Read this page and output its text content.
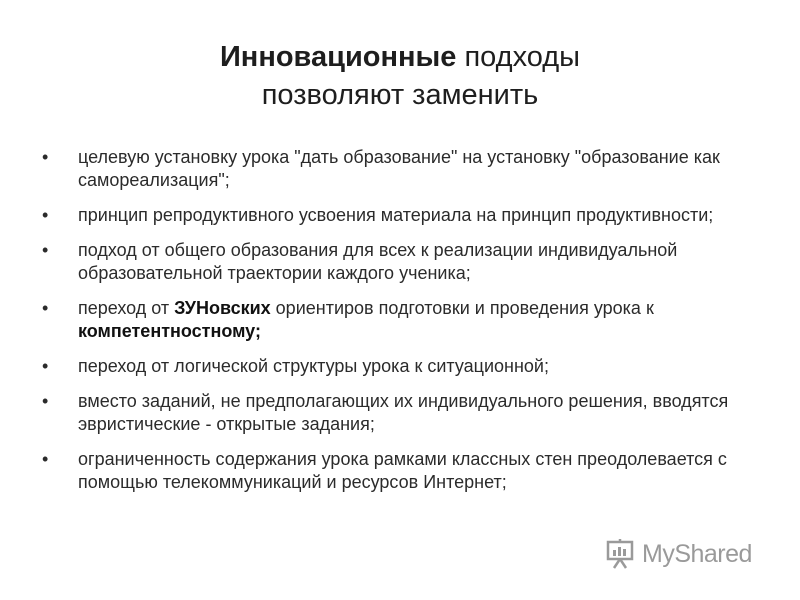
Инновационные подходы
позволяют заменить
•	целевую установку урока "дать образование" на установку "образование как самореализация";
•	принцип репродуктивного усвоения материала на принцип продуктивности;
•	подход от общего образования для всех к реализации индивидуальной образовательной траектории каждого ученика;
•	переход от ЗУНовских ориентиров подготовки и проведения урока к компетентностному;
•	переход от логической структуры урока к ситуационной;
•	вместо заданий, не предполагающих их индивидуального решения, вводятся эвристические - открытые задания;
•	ограниченность содержания урока рамками классных стен преодолевается с помощью телекоммуникаций и ресурсов Интернет;
MyShared
